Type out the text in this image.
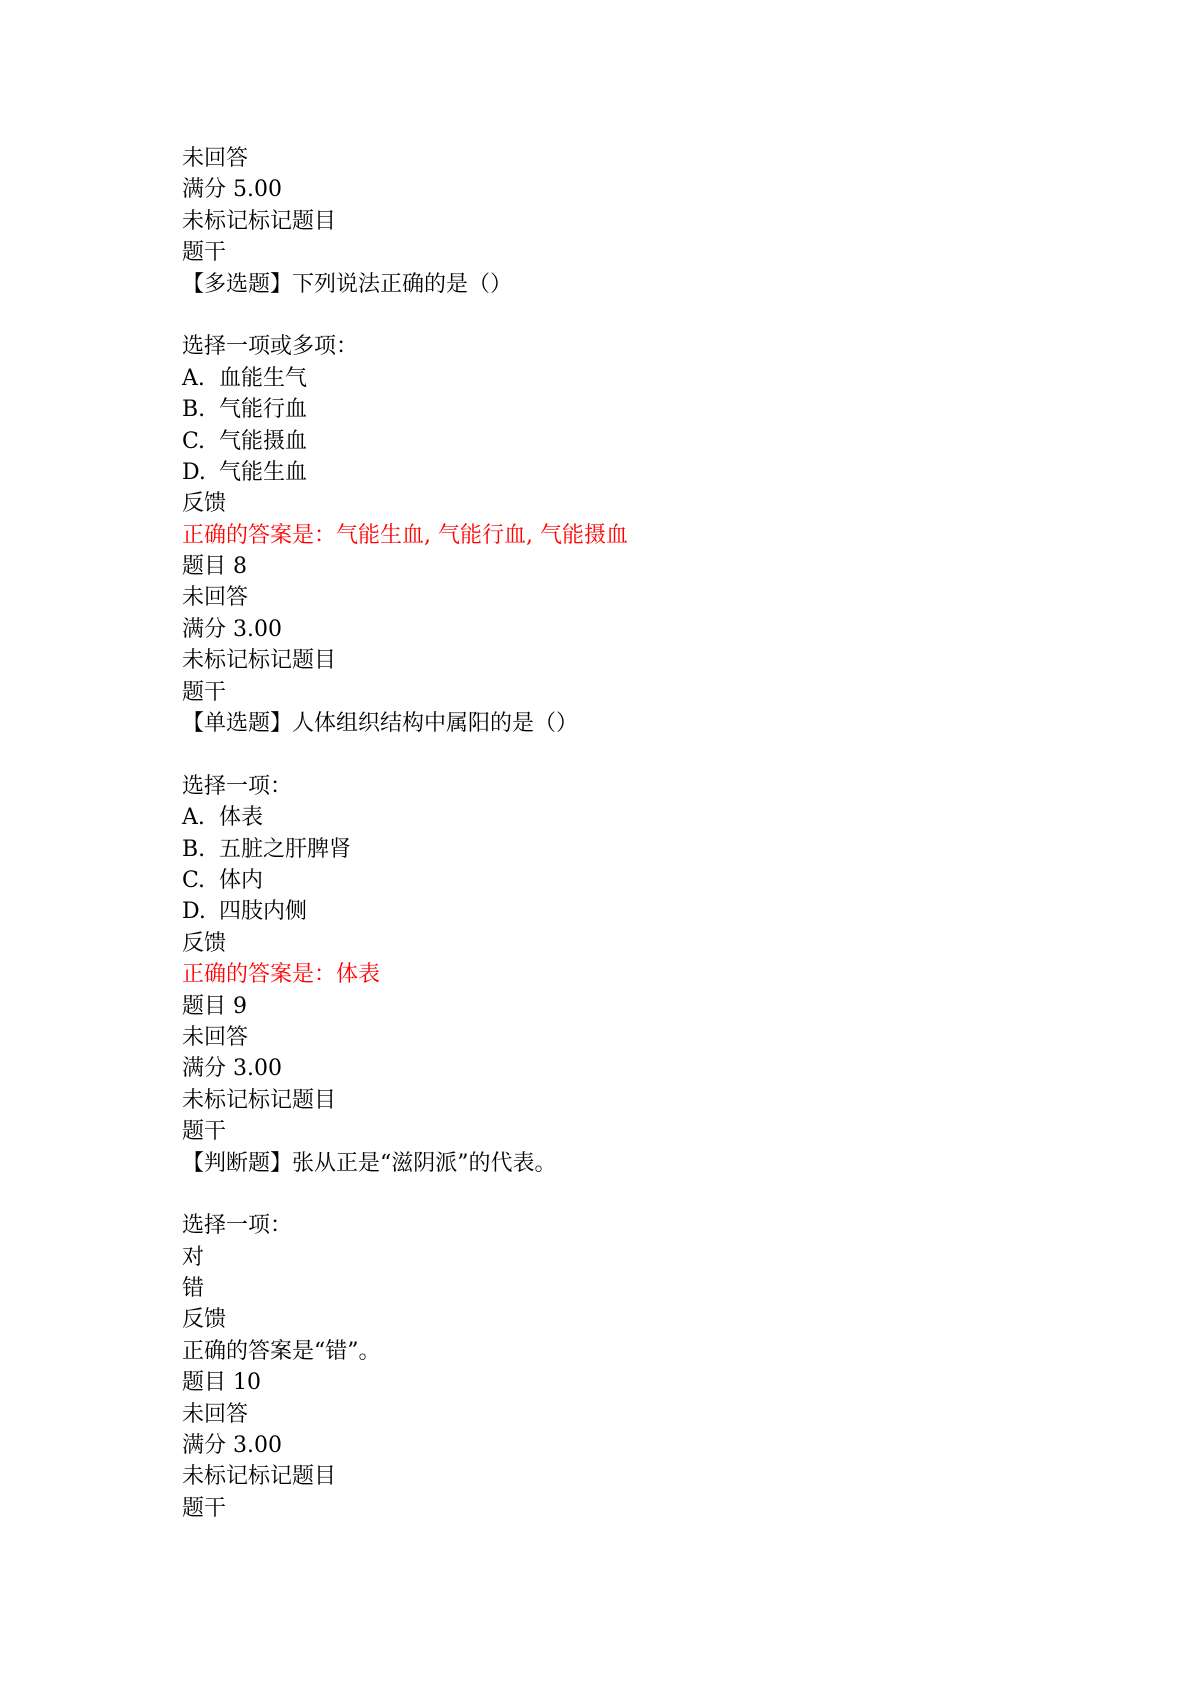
未回答
满分 5.00
未标记标记题目
题干
【多选题】下列说法正确的是（）
选择一项或多项：
A. 血能生气
B. 气能行血
C. 气能摄血
D. 气能生血
反馈
正确的答案是：气能生血, 气能行血, 气能摄血
题目 8
未回答
满分 3.00
未标记标记题目
题干
【单选题】人体组织结构中属阳的是（）
选择一项：
A. 体表
B. 五脏之肝脾肾
C. 体内
D. 四肢内侧
反馈
正确的答案是：体表
题目 9
未回答
满分 3.00
未标记标记题目
题干
【判断题】张从正是“滋阴派”的代表。
选择一项：
对
错
反馈
正确的答案是“错”。
题目 10
未回答
满分 3.00
未标记标记题目
题干
